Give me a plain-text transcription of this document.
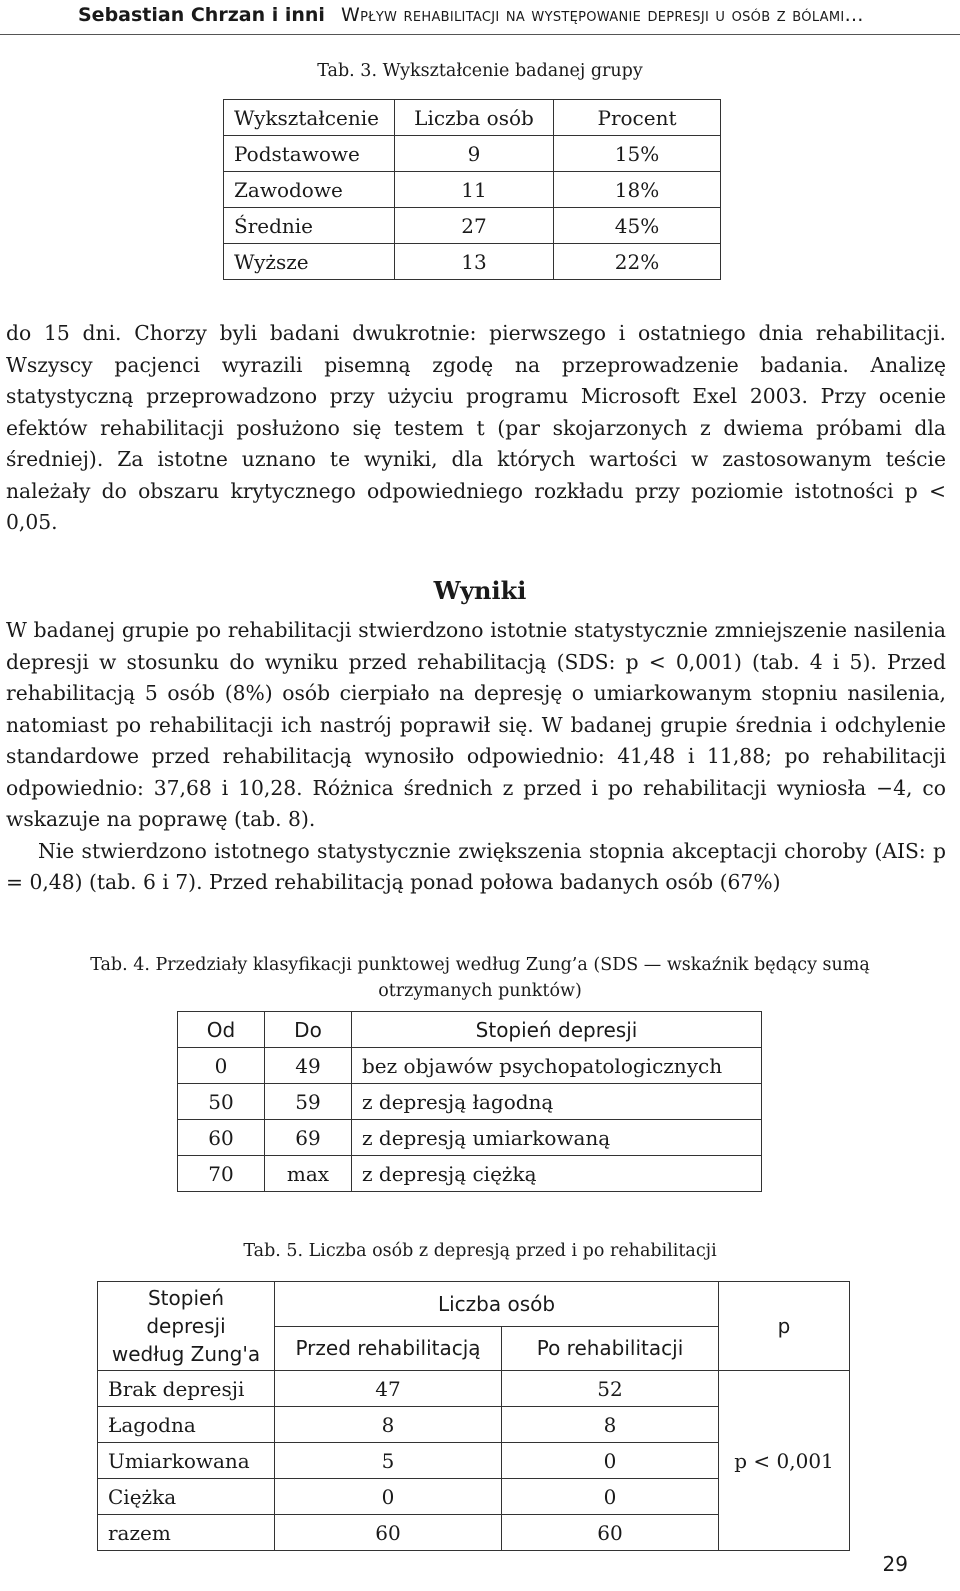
Sebastian Chrzan i inni Wpływ rehabilitacji na występowanie depresji u osób z bólami…
Tab. 3. Wykształcenie badanej grupy
Wykształcenie	Liczba osób	Procent
Podstawowe	9	15%
Zawodowe	11	18%
Średnie	27	45%
Wyższe	13	22%

do 15 dni. Chorzy byli badani dwukrotnie: pierwszego i ostatniego dnia rehabilitacji. Wszyscy pacjenci wyrazili pisemną zgodę na przeprowadzenie badania. Analizę statystyczną przeprowadzono przy użyciu programu Microsoft Exel 2003. Przy ocenie efektów rehabilitacji posłużono się testem t (par skojarzonych z dwiema próbami dla średniej). Za istotne uznano te wyniki, dla których wartości w zastosowanym teście należały do obszaru krytycznego odpowiedniego rozkładu przy poziomie istotności p < 0,05.

Wyniki

W badanej grupie po rehabilitacji stwierdzono istotnie statystycznie zmniejszenie nasilenia depresji w stosunku do wyniku przed rehabilitacją (SDS: p < 0,001) (tab. 4 i 5). Przed rehabilitacją 5 osób (8%) osób cierpiało na depresję o umiarkowanym stopniu nasilenia, natomiast po rehabilitacji ich nastrój poprawił się. W badanej grupie średnia i odchylenie standardowe przed rehabilitacją wynosiło odpowiednio: 41,48 i 11,88; po rehabilitacji odpowiednio: 37,68 i 10,28. Różnica średnich z przed i po rehabilitacji wyniosła −4, co wskazuje na poprawę (tab. 8).

Nie stwierdzono istotnego statystycznie zwiększenia stopnia akceptacji choroby (AIS: p = 0,48) (tab. 6 i 7). Przed rehabilitacją ponad połowa badanych osób (67%)

Tab. 4. Przedziały klasyfikacji punktowej według Zung’a (SDS — wskaźnik będący sumą
otrzymanych punktów)
Od	Do	Stopień depresji
0	49	bez objawów psychopatologicznych
50	59	z depresją łagodną
60	69	z depresją umiarkowaną
70	max	z depresją ciężką
Tab. 5. Liczba osób z depresją przed i po rehabilitacji
Stopień depresji
według Zung'a	Liczba osób		p
	Przed rehabilitacją	Po rehabilitacji	
Brak depresji	47	52	p < 0,001
Łagodna	8	8	
Umiarkowana	5	0	
Ciężka	0	0	
razem	60	60	
29
